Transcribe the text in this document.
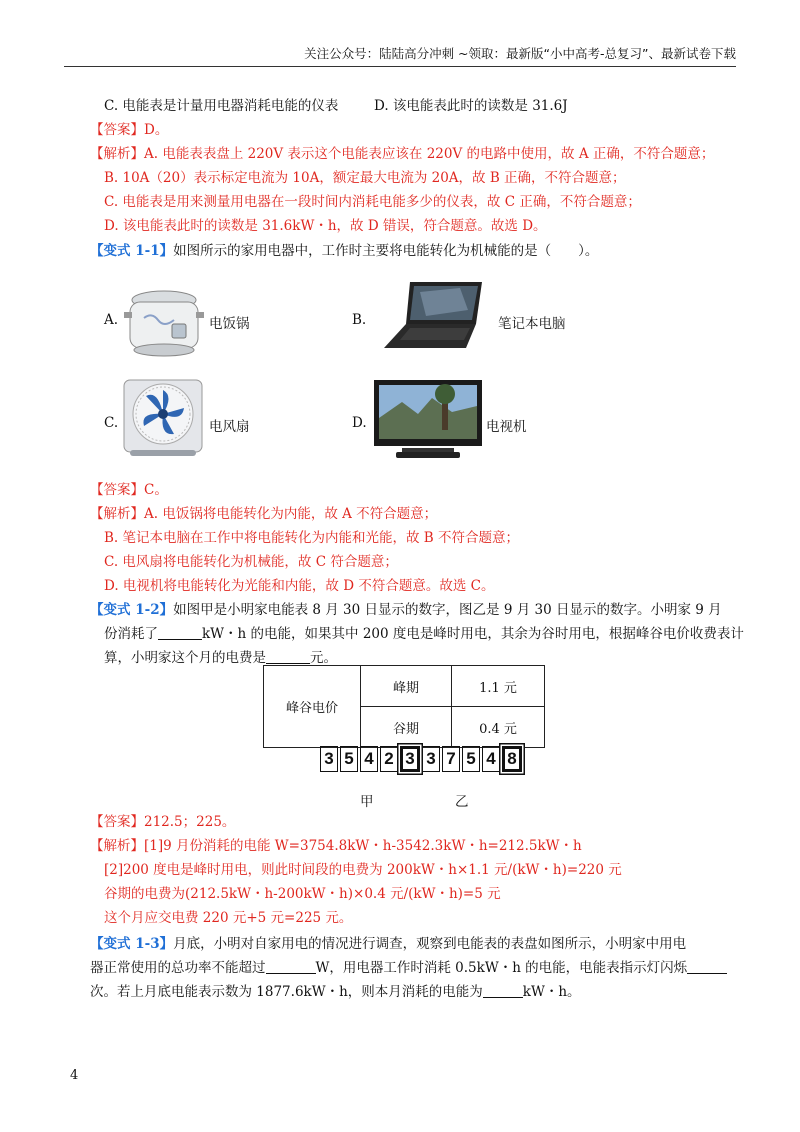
关注公众号：陆陆高分冲刺 ~领取：最新版“小中高考-总复习”、最新试卷下载
C. 电能表是计量用电器消耗电能的仪表	D. 该电能表此时的读数是 31.6J
【答案】D。
【解析】A. 电能表表盘上 220V 表示这个电能表应该在 220V 的电路中使用，故 A 正确，不符合题意；
B. 10A（20）表示标定电流为 10A，额定最大电流为 20A，故 B 正确，不符合题意；
C. 电能表是用来测量用电器在一段时间内消耗电能多少的仪表，故 C 正确，不符合题意；
D. 该电能表此时的读数是 31.6kW・h，故 D 错误，符合题意。故选 D。
【变式 1-1】如图所示的家用电器中，工作时主要将电能转化为机械能的是（　　）。
A.	电饭锅	B.	笔记本电脑
C.	电风扇	D.	电视机
【答案】C。
【解析】A. 电饭锅将电能转化为内能，故 A 不符合题意；
B. 笔记本电脑在工作中将电能转化为内能和光能，故 B 不符合题意；
C. 电风扇将电能转化为机械能，故 C 符合题意；
D. 电视机将电能转化为光能和内能，故 D 不符合题意。故选 C。
【变式 1-2】如图甲是小明家电能表 8 月 30 日显示的数字，图乙是 9 月 30 日显示的数字。小明家 9 月
份消耗了	kW・h 的电能，如果其中 200 度电是峰时用电，其余为谷时用电，根据峰谷电价收费表计
算，小明家这个月的电费是	元。
峰谷电价	峰期	1.1 元
	谷期	0.4 元
3 5 4 2 3 3 7 5 4 8
甲	乙
【答案】212.5；225。
【解析】[1]9 月份消耗的电能 W=3754.8kW・h-3542.3kW・h=212.5kW・h
[2]200 度电是峰时用电，则此时间段的电费为 200kW・h×1.1 元/(kW・h)=220 元
谷期的电费为(212.5kW・h-200kW・h)×0.4 元/(kW・h)=5 元
这个月应交电费 220 元+5 元=225 元。
【变式 1-3】月底，小明对自家用电的情况进行调查，观察到电能表的表盘如图所示，小明家中用电
器正常使用的总功率不能超过	W，用电器工作时消耗 0.5kW・h 的电能，电能表指示灯闪烁
次。若上月底电能表示数为 1877.6kW・h，则本月消耗的电能为	kW・h。
4
